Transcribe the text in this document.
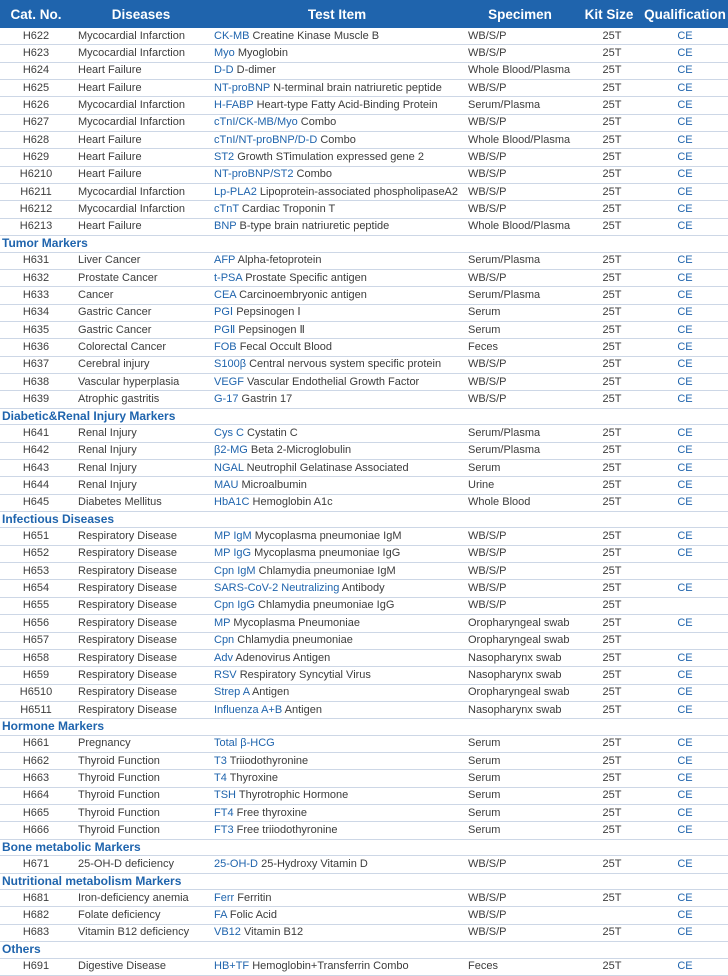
Cat. No.	Diseases	Test Item	Specimen	Kit Size	Qualification
H622	Mycocardial Infarction	CK-MB Creatine Kinase Muscle B	WB/S/P	25T	CE
H623	Mycocardial Infarction	Myo Myoglobin	WB/S/P	25T	CE
H624	Heart Failure	D-D D-dimer	Whole Blood/Plasma	25T	CE
H625	Heart Failure	NT-proBNP N-terminal brain natriuretic peptide	WB/S/P	25T	CE
H626	Mycocardial Infarction	H-FABP Heart-type Fatty Acid-Binding Protein	Serum/Plasma	25T	CE
H627	Mycocardial Infarction	cTnI/CK-MB/Myo Combo	WB/S/P	25T	CE
H628	Heart Failure	cTnI/NT-proBNP/D-D Combo	Whole Blood/Plasma	25T	CE
H629	Heart Failure	ST2 Growth STimulation expressed gene 2	WB/S/P	25T	CE
H6210	Heart Failure	NT-proBNP/ST2 Combo	WB/S/P	25T	CE
H6211	Mycocardial Infarction	Lp-PLA2 Lipoprotein-associated phospholipaseA2	WB/S/P	25T	CE
H6212	Mycocardial Infarction	cTnT Cardiac Troponin T	WB/S/P	25T	CE
H6213	Heart Failure	BNP B-type brain natriuretic peptide	Whole Blood/Plasma	25T	CE
Tumor Markers					
H631	Liver Cancer	AFP Alpha-fetoprotein	Serum/Plasma	25T	CE
H632	Prostate Cancer	t-PSA Prostate Specific antigen	WB/S/P	25T	CE
H633	Cancer	CEA Carcinoembryonic antigen	Serum/Plasma	25T	CE
H634	Gastric Cancer	PGⅠ Pepsinogen Ⅰ	Serum	25T	CE
H635	Gastric Cancer	PGⅡ Pepsinogen Ⅱ	Serum	25T	CE
H636	Colorectal Cancer	FOB Fecal Occult Blood	Feces	25T	CE
H637	Cerebral injury	S100β Central nervous system specific protein	WB/S/P	25T	CE
H638	Vascular hyperplasia	VEGF Vascular Endothelial Growth Factor	WB/S/P	25T	CE
H639	Atrophic gastritis	G-17 Gastrin 17	WB/S/P	25T	CE
Diabetic&Renal Injury Markers					
H641	Renal Injury	Cys C Cystatin C	Serum/Plasma	25T	CE
H642	Renal Injury	β2-MG Beta 2-Microglobulin	Serum/Plasma	25T	CE
H643	Renal Injury	NGAL Neutrophil Gelatinase Associated	Serum	25T	CE
H644	Renal Injury	MAU Microalbumin	Urine	25T	CE
H645	Diabetes Mellitus	HbA1C Hemoglobin A1c	Whole Blood	25T	CE
Infectious Diseases					
H651	Respiratory Disease	MP IgM Mycoplasma pneumoniae IgM	WB/S/P	25T	CE
H652	Respiratory Disease	MP IgG Mycoplasma pneumoniae IgG	WB/S/P	25T	CE
H653	Respiratory Disease	Cpn IgM Chlamydia pneumoniae IgM	WB/S/P	25T	
H654	Respiratory Disease	SARS-CoV-2 Neutralizing Antibody	WB/S/P	25T	CE
H655	Respiratory Disease	Cpn IgG Chlamydia pneumoniae IgG	WB/S/P	25T	
H656	Respiratory Disease	MP Mycoplasma Pneumoniae	Oropharyngeal swab	25T	CE
H657	Respiratory Disease	Cpn Chlamydia pneumoniae	Oropharyngeal swab	25T	
H658	Respiratory Disease	Adv Adenovirus Antigen	Nasopharynx swab	25T	CE
H659	Respiratory Disease	RSV Respiratory Syncytial Virus	Nasopharynx swab	25T	CE
H6510	Respiratory Disease	Strep A Antigen	Oropharyngeal swab	25T	CE
H6511	Respiratory Disease	Influenza A+B Antigen	Nasopharynx swab	25T	CE
Hormone Markers					
H661	Pregnancy	Total β-HCG	Serum	25T	CE
H662	Thyroid Function	T3 Triiodothyronine	Serum	25T	CE
H663	Thyroid Function	T4 Thyroxine	Serum	25T	CE
H664	Thyroid Function	TSH Thyrotrophic Hormone	Serum	25T	CE
H665	Thyroid Function	FT4 Free thyroxine	Serum	25T	CE
H666	Thyroid Function	FT3 Free triiodothyronine	Serum	25T	CE
Bone metabolic Markers					
H671	25-OH-D deficiency	25-OH-D 25-Hydroxy Vitamin D	WB/S/P	25T	CE
Nutritional metabolism Markers					
H681	Iron-deficiency anemia	Ferr Ferritin	WB/S/P	25T	CE
H682	Folate deficiency	FA Folic Acid	WB/S/P		CE
H683	Vitamin B12 deficiency	VB12 Vitamin B12	WB/S/P	25T	CE
Others					
H691	Digestive Disease	HB+TF Hemoglobin+Transferrin Combo	Feces	25T	CE
